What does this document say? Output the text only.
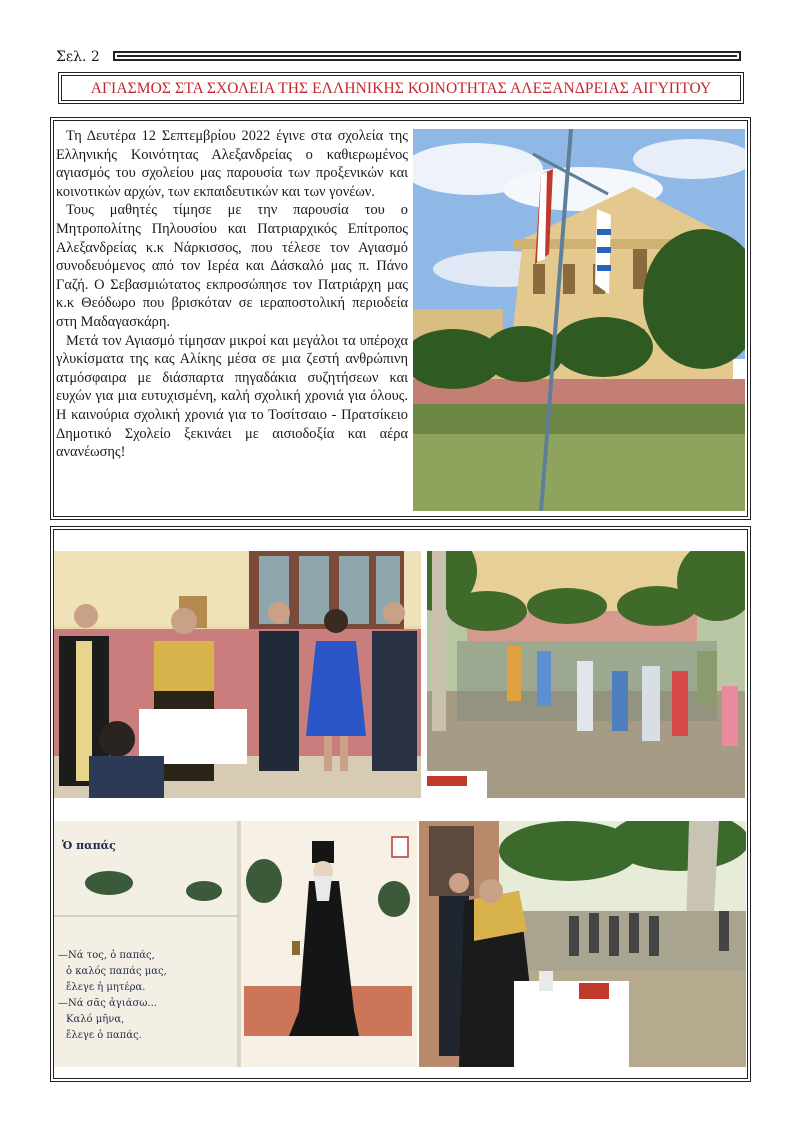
Σελ. 2
ΑΓΙΑΣΜΟΣ ΣΤΑ ΣΧΟΛΕΙΑ ΤΗΣ ΕΛΛΗΝΙΚΗΣ ΚΟΙΝΟΤΗΤΑΣ ΑΛΕΞΑΝΔΡΕΙΑΣ ΑΙΓΥΠΤΟΥ

Τη Δευτέρα 12 Σεπτεμβρίου 2022 έγινε στα σχολεία της Ελληνικής Κοινότητας Αλεξανδρείας ο καθιερωμένος αγιασμός του σχολείου μας παρουσία των προξενικών και κοινοτικών αρχών, των εκπαιδευτικών και των γονέων.

Τους μαθητές τίμησε με την παρουσία του ο Μητροπολίτης Πηλουσίου και Πατριαρχικός Επίτροπος Αλεξανδρείας κ.κ Νάρκισσος, που τέλεσε τον Αγιασμό συνοδευόμενος από τον Ιερέα και Δάσκαλό μας π. Πάνο Γαζή. Ο Σεβασμιώτατος εκπροσώπησε τον Πατριάρχη μας κ.κ Θεόδωρο που βρισκόταν σε ιεραποστολική περιοδεία στη Μαδαγασκάρη.

Μετά τον Αγιασμό τίμησαν μικροί και μεγάλοι τα υπέροχα γλυκίσματα της κας Αλίκης μέσα σε μια ζεστή ανθρώπινη ατμόσφαιρα με διάσπαρτα πηγαδάκια συζητήσεων και ευχών για μια ευτυχισμένη, καλή σχολική χρονιά για όλους. Η καινούρια σχολική χρονιά για το Τοσίτσαιο - Πρατσίκειο Δημοτικό Σχολείο ξεκινάει με αισιοδοξία και αέρα ανανέωσης!

Ὁ παπάς
—Νά τος, ὁ παπάς,
ὁ καλός παπάς μας,
ἔλεγε ἡ μητέρα.
—Νά σᾶς ἁγιάσω...
Καλό μῆνα,
ἔλεγε ὁ παπάς.
